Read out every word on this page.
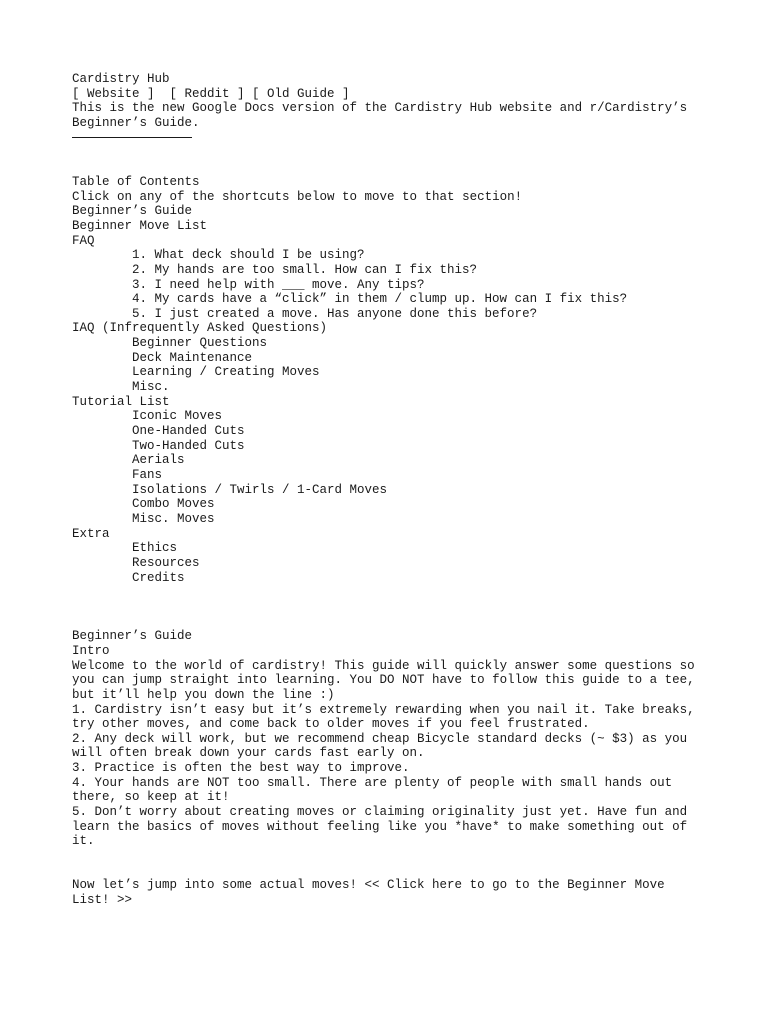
Cardistry Hub

[ Website ]  [ Reddit ] [ Old Guide ]

This is the new Google Docs version of the Cardistry Hub website and r/Cardistry’s Beginner’s Guide.

Table of Contents

Click on any of the shortcuts below to move to that section!

Beginner’s Guide

Beginner Move List

FAQ

1. What deck should I be using?

2. My hands are too small. How can I fix this?

3. I need help with ___ move. Any tips?

4. My cards have a “click” in them / clump up. How can I fix this?

5. I just created a move. Has anyone done this before?

IAQ (Infrequently Asked Questions)

Beginner Questions

Deck Maintenance

Learning / Creating Moves

Misc.

Tutorial List

Iconic Moves

One-Handed Cuts

Two-Handed Cuts

Aerials

Fans

Isolations / Twirls / 1-Card Moves

Combo Moves

Misc. Moves

Extra

Ethics

Resources

Credits

Beginner’s Guide

Intro

Welcome to the world of cardistry! This guide will quickly answer some questions so you can jump straight into learning. You DO NOT have to follow this guide to a tee, but it’ll help you down the line :)

1. Cardistry isn’t easy but it’s extremely rewarding when you nail it. Take breaks, try other moves, and come back to older moves if you feel frustrated.

2. Any deck will work, but we recommend cheap Bicycle standard decks (~ $3) as you will often break down your cards fast early on.

3. Practice is often the best way to improve.

4. Your hands are NOT too small. There are plenty of people with small hands out there, so keep at it!

5. Don’t worry about creating moves or claiming originality just yet. Have fun and learn the basics of moves without feeling like you *have* to make something out of it.

Now let’s jump into some actual moves! << Click here to go to the Beginner Move List! >>
